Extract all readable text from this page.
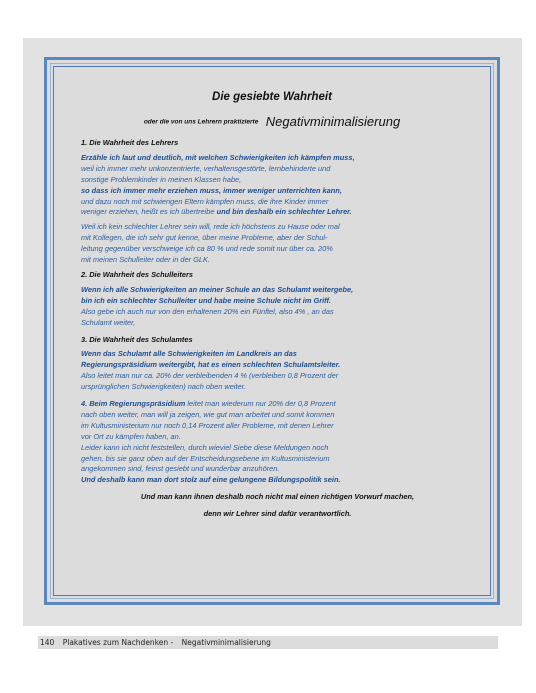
Die gesiebte Wahrheit
oder die von uns Lehrern praktizierte Negativminimalisierung
1. Die Wahrheit des Lehrers
Erzähle ich laut und deutlich, mit welchen Schwierigkeiten ich kämpfen muss,
weil ich immer mehr unkonzentrierte, verhaltensgestörte, lernbehinderte und
sonstige Problemkinder in meinen Klassen habe,
so dass ich immer mehr erziehen muss, immer weniger unterrichten kann,
und dazu noch mit schwierigen Eltern kämpfen muss, die ihre Kinder immer
weniger erziehen, heißt es ich übertreibe und bin deshalb ein schlechter Lehrer.
Weil ich kein schlechter Lehrer sein will, rede ich höchstens zu Hause oder mal
mit Kollegen, die ich sehr gut kenne, über meine Probleme, aber der Schul-
leitung gegenüber verschweige ich ca 80 % und rede somit nur über ca. 20%
mit meinen Schulleiter oder in der GLK.
2. Die Wahrheit des Schulleiters
Wenn ich alle Schwierigkeiten an meiner Schule an das Schulamt weitergebe,
bin ich ein schlechter Schulleiter und habe meine Schule nicht im Griff.
Also gebe ich auch nur von den erhaltenen 20% ein Fünftel, also 4% , an das
Schulamt weiter,
3. Die Wahrheit des Schulamtes
Wenn das Schulamt alle Schwierigkeiten im Landkreis an das
Regierungspräsidium weitergibt, hat es einen schlechten Schulamtsleiter.
Also leitet man nur ca. 20% der verbleibenden 4 % (verbleiben 0,8 Prozent der
ursprünglichen Schwierigkeiten) nach oben weiter.
4. Beim Regierungspräsidium leitet man wiederum nur 20% der 0,8 Prozent
nach oben weiter, man will ja zeigen, wie gut man arbeitet und somit kommen
im Kultusministerium nur noch 0,14 Prozent aller Probleme, mit denen Lehrer
vor Ort zu kämpfen haben, an.
Leider kann ich nicht feststellen, durch wieviel Siebe diese Meldungen noch
gehen, bis sie ganz oben auf der Entscheidungsebene im Kultusministerium
angekommen sind, feinst gesiebt und wunderbar anzuhören.
Und deshalb kann man dort stolz auf eine gelungene Bildungspolitik sein.
Und man kann ihnen deshalb noch nicht mal einen richtigen Vorwurf machen,
denn wir Lehrer sind dafür verantwortlich.
140 Plakatives zum Nachdenken - Negativminimalisierung
